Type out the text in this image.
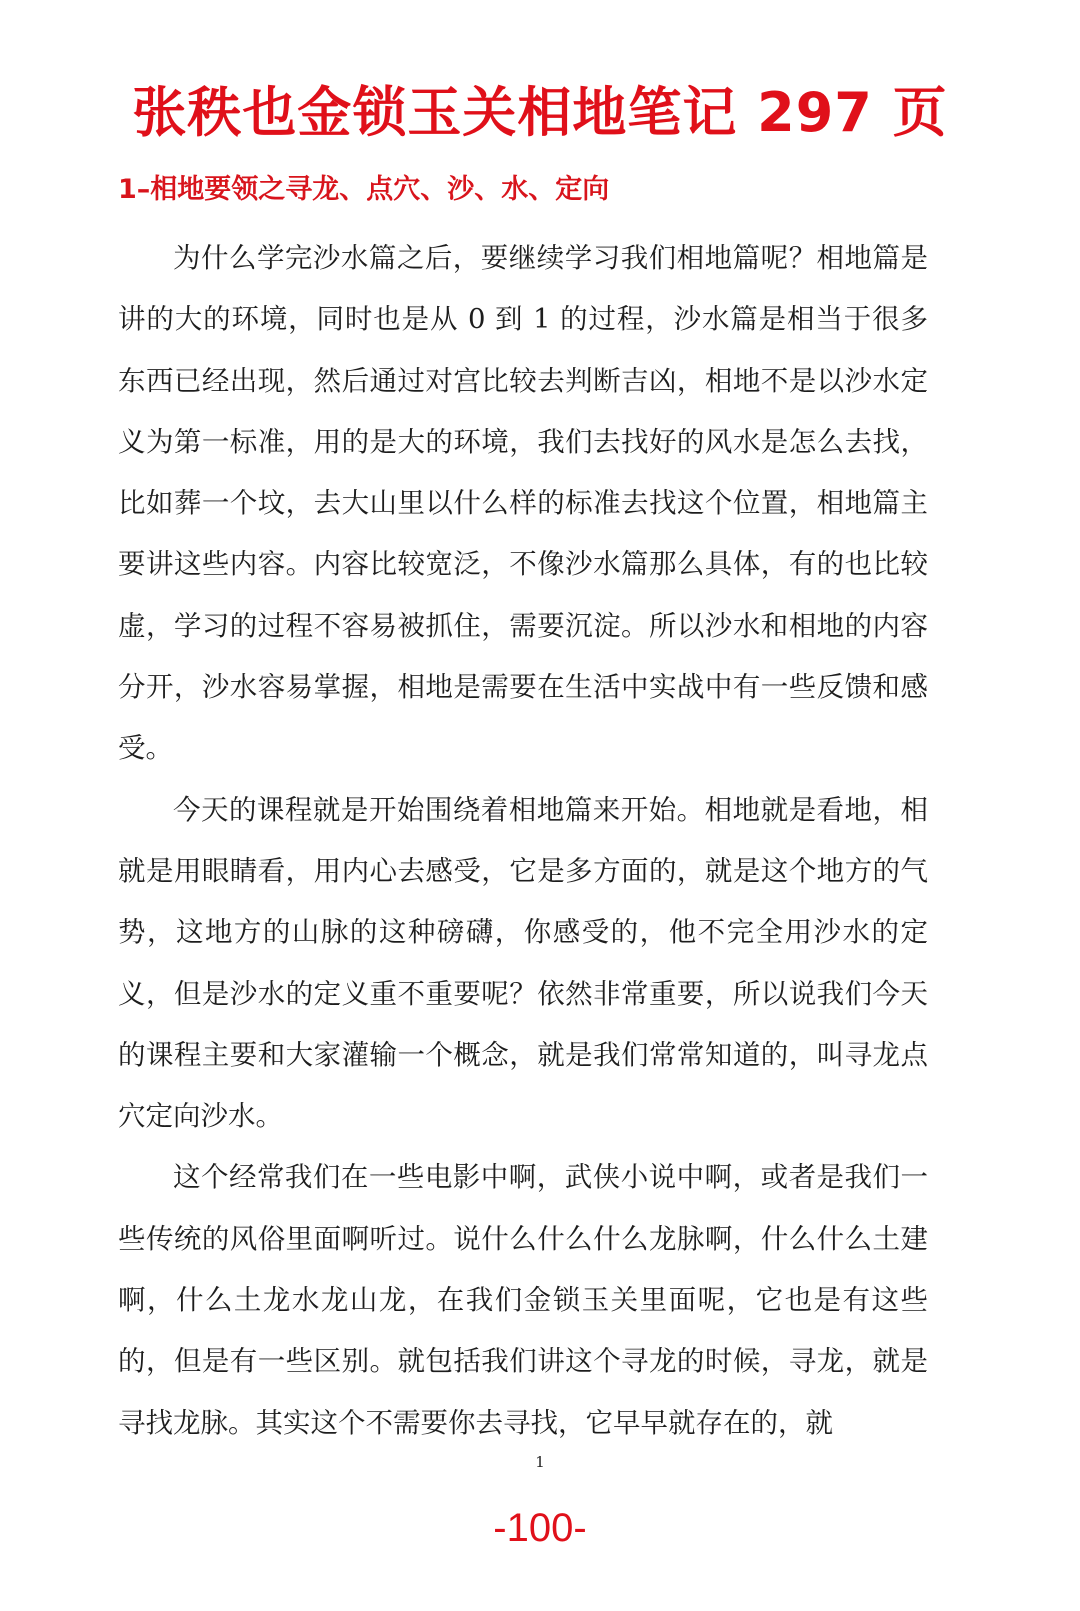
张秩也金锁玉关相地笔记 297 页
1–相地要领之寻龙、点穴、沙、水、定向

为什么学完沙水篇之后，要继续学习我们相地篇呢？相地篇是讲的大的环境，同时也是从 0 到 1 的过程，沙水篇是相当于很多东西已经出现，然后通过对宫比较去判断吉凶，相地不是以沙水定义为第一标准，用的是大的环境，我们去找好的风水是怎么去找，比如葬一个坟，去大山里以什么样的标准去找这个位置，相地篇主要讲这些内容。内容比较宽泛，不像沙水篇那么具体，有的也比较虚，学习的过程不容易被抓住，需要沉淀。所以沙水和相地的内容分开，沙水容易掌握，相地是需要在生活中实战中有一些反馈和感受。

今天的课程就是开始围绕着相地篇来开始。相地就是看地，相就是用眼睛看，用内心去感受，它是多方面的，就是这个地方的气势，这地方的山脉的这种磅礴，你感受的，他不完全用沙水的定义，但是沙水的定义重不重要呢？依然非常重要，所以说我们今天的课程主要和大家灌输一个概念，就是我们常常知道的，叫寻龙点穴定向沙水。

这个经常我们在一些电影中啊，武侠小说中啊，或者是我们一些传统的风俗里面啊听过。说什么什么什么龙脉啊，什么什么土建啊，什么土龙水龙山龙，在我们金锁玉关里面呢，它也是有这些的，但是有一些区别。就包括我们讲这个寻龙的时候，寻龙，就是寻找龙脉。其实这个不需要你去寻找，它早早就存在的，就

1
-100-
